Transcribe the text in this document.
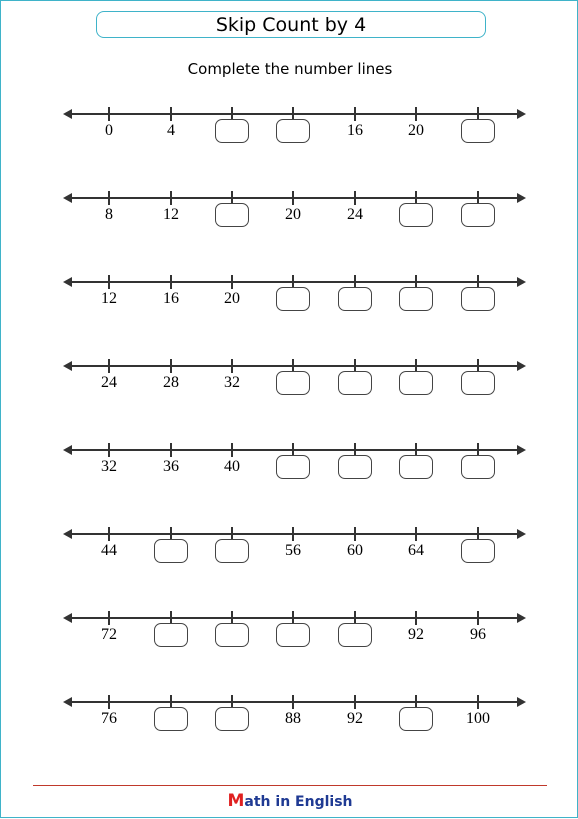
Skip Count by 4
Complete the number lines
0	4	16	20
8	12	20	24
12	16	20
24	28	32
32	36	40
44	56	60	64
72	92	96
76	88	92	100
Math in English
